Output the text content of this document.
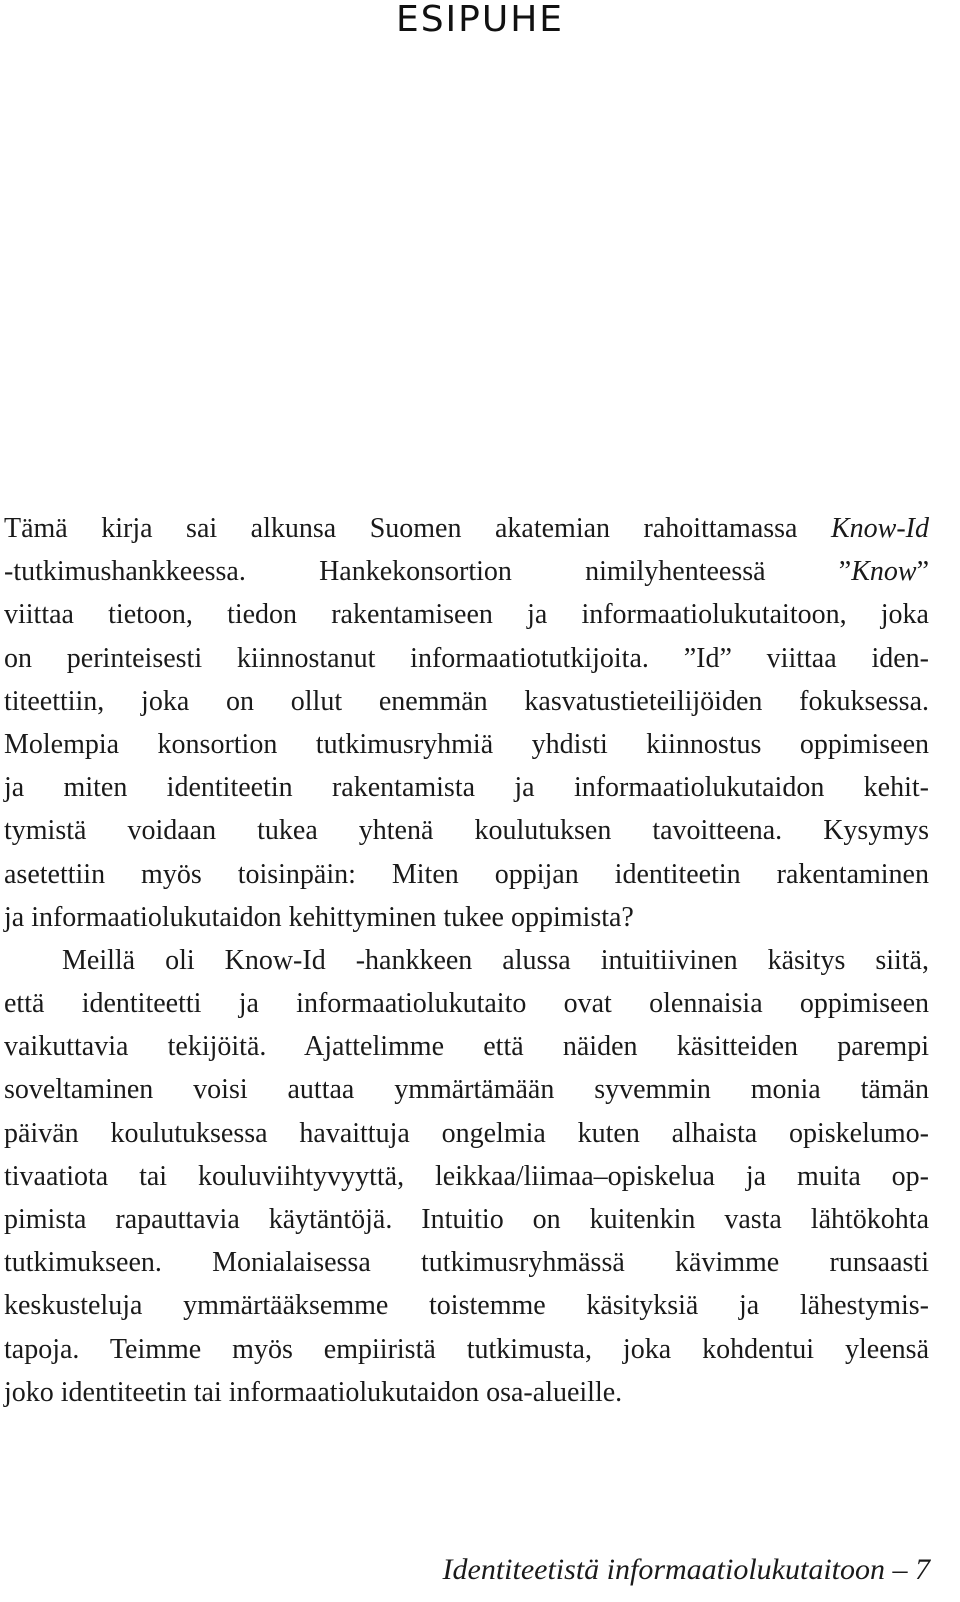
ESIPUHE
Tämä kirja sai alkunsa Suomen akatemian rahoittamassa Know-Id
-tutkimushankkeessa. Hankekonsortion nimilyhenteessä ”Know”
viittaa tietoon, tiedon rakentamiseen ja informaatiolukutaitoon, joka
on perinteisesti kiinnostanut informaatiotutkijoita. ”Id” viittaa iden-
titeettiin, joka on ollut enemmän kasvatustieteilijöiden fokuksessa.
Molempia konsortion tutkimusryhmiä yhdisti kiinnostus oppimiseen
ja miten identiteetin rakentamista ja informaatiolukutaidon kehit-
tymistä voidaan tukea yhtenä koulutuksen tavoitteena. Kysymys
asetettiin myös toisinpäin: Miten oppijan identiteetin rakentaminen
ja informaatiolukutaidon kehittyminen tukee oppimista?
Meillä oli Know-Id -hankkeen alussa intuitiivinen käsitys siitä,
että identiteetti ja informaatiolukutaito ovat olennaisia oppimiseen
vaikuttavia tekijöitä. Ajattelimme että näiden käsitteiden parempi
soveltaminen voisi auttaa ymmärtämään syvemmin monia tämän
päivän koulutuksessa havaittuja ongelmia kuten alhaista opiskelumo-
tivaatiota tai kouluviihtyvyyttä, leikkaa/liimaa–opiskelua ja muita op-
pimista rapauttavia käytäntöjä. Intuitio on kuitenkin vasta lähtökohta
tutkimukseen. Monialaisessa tutkimusryhmässä kävimme runsaasti
keskusteluja ymmärtääksemme toistemme käsityksiä ja lähestymis-
tapoja. Teimme myös empiiristä tutkimusta, joka kohdentui yleensä
joko identiteetin tai informaatiolukutaidon osa-alueille.
Identiteetistä informaatiolukutaitoon – 7
